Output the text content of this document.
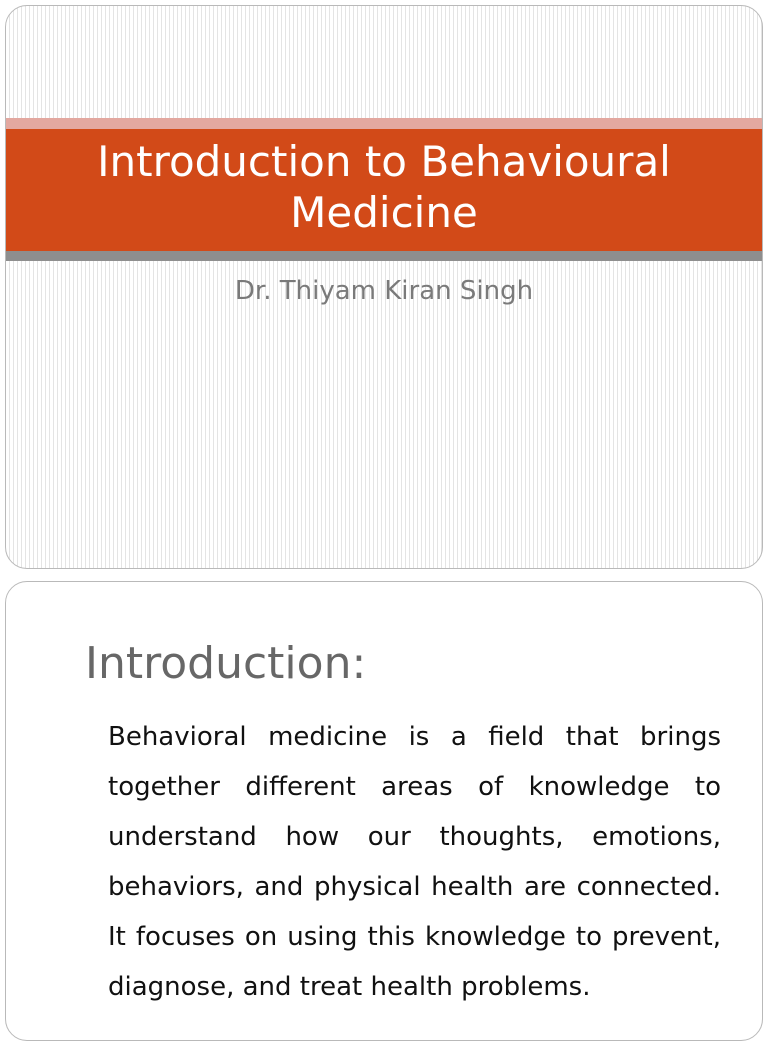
Introduction to Behavioural Medicine
Dr. Thiyam Kiran Singh
Introduction:

Behavioral medicine is a field that brings together different areas of knowledge to understand how our thoughts, emotions, behaviors, and physical health are connected. It focuses on using this knowledge to prevent, diagnose, and treat health problems.
